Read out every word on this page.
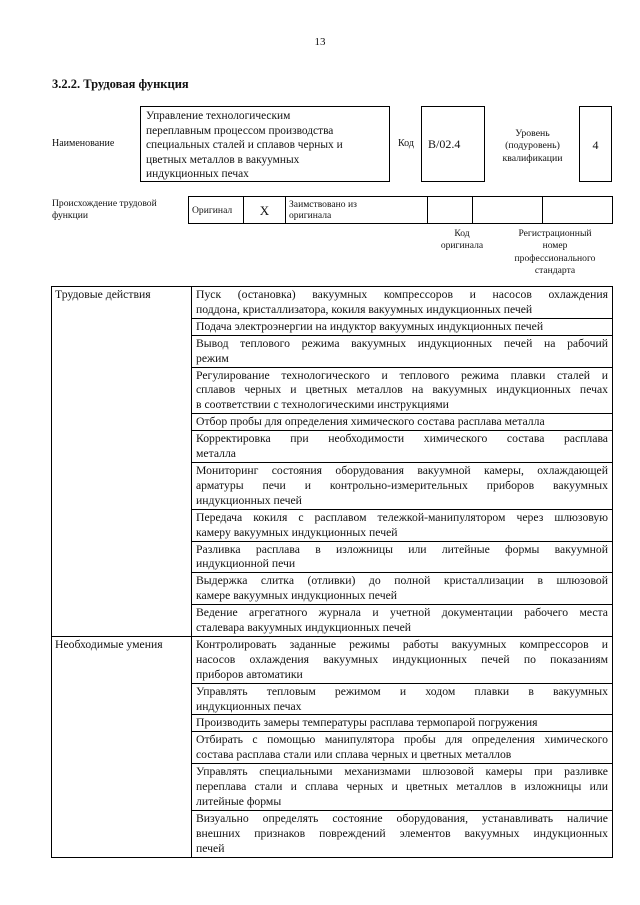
13
3.2.2. Трудовая функция
Наименование
Управление технологическим
переплавным процессом производства
специальных сталей и сплавов черных и
цветных металлов в вакуумных
индукционных печах
Код	B/02.4
Уровень
(подуровень)
квалификации
4
Происхождение трудовой
функции	Оригинал	X	Заимствовано из
оригинала

Код
оригинала
Регистрационный
номер
профессионального
стандарта
Трудовые действия	Пуск (остановка) вакуумных компрессоров и насосов охлаждения
поддона, кристаллизатора, кокиля вакуумных индукционных печей

	Подача электроэнергии на индуктор вакуумных индукционных печей

	Вывод теплового режима вакуумных индукционных печей на рабочий
режим

	Регулирование технологического и теплового режима плавки сталей и
сплавов черных и цветных металлов на вакуумных индукционных печах
в соответствии с технологическими инструкциями

	Отбор пробы для определения химического состава расплава металла

	Корректировка при необходимости химического состава расплава
металла

	Мониторинг состояния оборудования вакуумной камеры, охлаждающей
арматуры печи и контрольно-измерительных приборов вакуумных
индукционных печей

	Передача кокиля с расплавом тележкой-манипулятором через шлюзовую
камеру вакуумных индукционных печей

	Разливка расплава в изложницы или литейные формы вакуумной
индукционной печи

	Выдержка слитка (отливки) до полной кристаллизации в шлюзовой
камере вакуумных индукционных печей

	Ведение агрегатного журнала и учетной документации рабочего места
сталевара вакуумных индукционных печей

Необходимые умения	Контролировать заданные режимы работы вакуумных компрессоров и
насосов охлаждения вакуумных индукционных печей по показаниям
приборов автоматики

	Управлять тепловым режимом и ходом плавки в вакуумных
индукционных печах

	Производить замеры температуры расплава термопарой погружения

	Отбирать с помощью манипулятора пробы для определения химического
состава расплава стали или сплава черных и цветных металлов

	Управлять специальными механизмами шлюзовой камеры при разливке
переплава стали и сплава черных и цветных металлов в изложницы или
литейные формы

	Визуально определять состояние оборудования, устанавливать наличие
внешних признаков повреждений элементов вакуумных индукционных
печей
